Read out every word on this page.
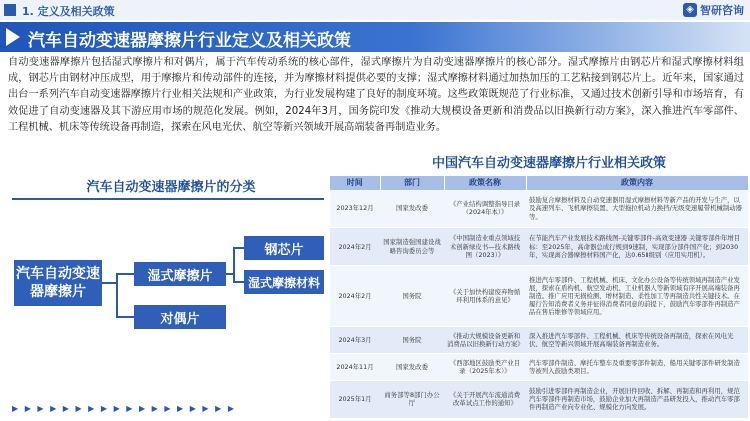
1. 定义及相关政策	◈ 智研咨询
汽车自动变速器摩擦片行业定义及相关政策
自动变速器摩擦片包括湿式摩擦片和对偶片，属于汽车传动系统的核心部件，湿式摩擦片为自动变速器摩擦片的核心部分。湿式摩擦片由钢芯片和湿式摩擦材料组成，钢芯片由钢材冲压成型，用于摩擦片和传动部件的连接，并为摩擦材料提供必要的支撑；湿式摩擦材料通过加热加压的工艺粘接到钢芯片上。近年来，国家通过出台一系列汽车自动变速器摩擦片行业相关法规和产业政策，为行业发展构建了良好的制度环境。这些政策既规范了行业标准，又通过技术创新引导和市场培育，有效促进了自动变速器及其下游应用市场的规范化发展。例如，2024年3月，国务院印发《推动大规模设备更新和消费品以旧换新行动方案》，深入推进汽车零部件、工程机械、机床等传统设备再制造，探索在风电光伏、航空等新兴领域开展高端装备再制造业务。
汽车自动变速器摩擦片的分类
汽车自动变速器摩擦片
湿式摩擦片
对偶片
钢芯片
湿式摩擦材料
▶ ▶ ▶ ▶ ▶ ▶ ▶ ▶ ▶ ▶ ▶ ▶ ▶ ▶ ▶ ▶ ▶ ▶
中国汽车自动变速器摩擦片行业相关政策
时间	部门	政策名称	政策内容
2023年12月	国家发改委	《产业结构调整指导目录（2024年本）》	鼓励复合摩擦材料及自动变速器用湿式摩擦材料等新产品的开发与生产，以及高速列车、飞机摩擦装置、大型拖拉机动力换挡/无级变速履带机械制动器等。
2024年2月	国家制造强国建设战略咨询委员会等	《中国制造业重点领域技术创新绿皮书—技术路线图（2023）》	在节能汽车产业发展技术路线图-关键零部件-高效变速器 关键零部件年增目标：至2025年，高命器总成行规到9速制，实现部分部件国产化；到2030年，实现离合器摩擦材料国产化，达0.65Ⅱ级别（应用实用机）。
2024年2月	国务院	《关于加快构建废弃物循环利用体系的意见》	推进汽车零部件、工程机械、机床、文化办公设备等传统领域再制造产业发展，探索在盾构机、航空发动机、工业机器人等新领域有序开展高端装备再制造。推广应用无损检测、增材制造、柔性加工等再制造共性关键技术。在履行告知消费者义务并征得消费者同意的前提下，鼓励汽车零部件再制造产品在售后维修等领域应用。
2024年3月	国务院	《推动大规模设备更新和消费品以旧换新行动方案》	深入推进汽车零部件、工程机械、机床等传统设备再制造，探索在风电光伏、航空等新兴领域开展高端装备再制造业务。
2024年11月	国家发改委	《西部地区鼓励类产业目录（2025年本）》	汽车零部件制造、摩托车整车及重要零部件制造、船用关键零部件研发制造等被列入鼓励类项目。
2025年1月	商务部等8部门办公厅	《关于开展汽车流通消费改革试点工作的通知》	鼓励引进零部件再制造企业，开展旧件回收、拆解、再制造和再利用，规范汽车零部件再制造市场，鼓励企业加大再制造产品研发投入，推动汽车零部件再制造产业向专业化、规模化方向发展。
